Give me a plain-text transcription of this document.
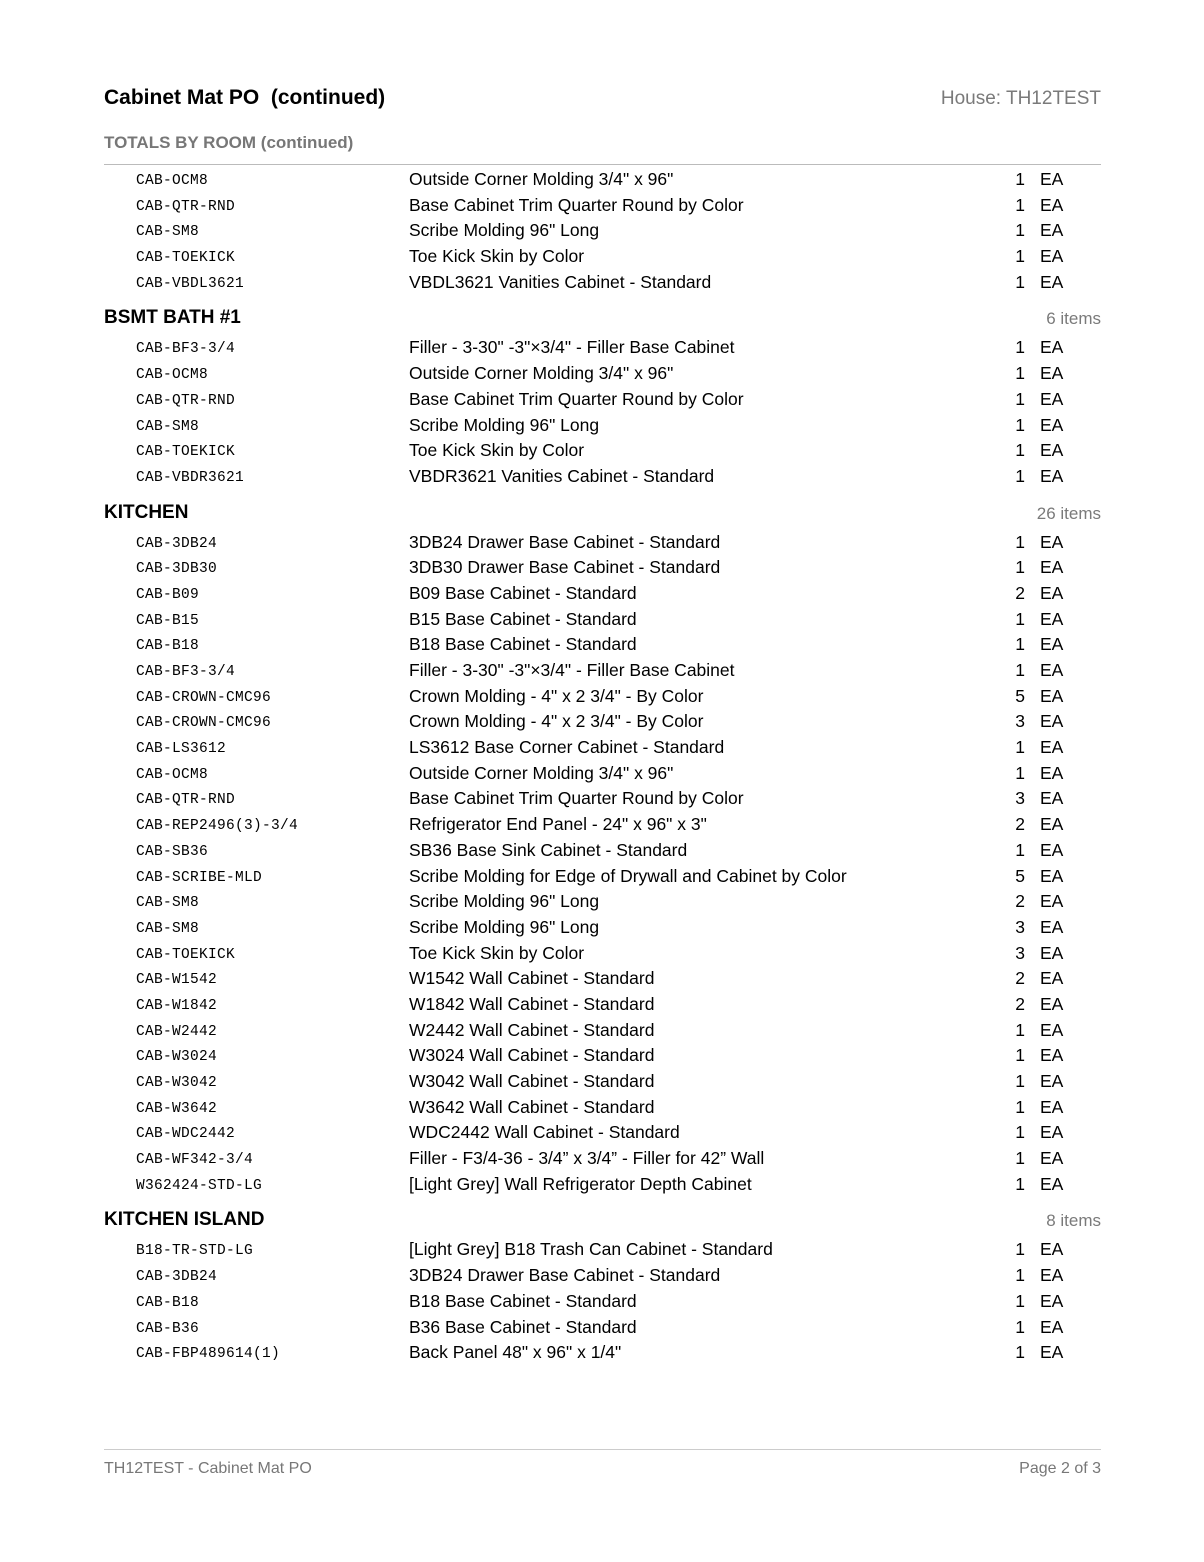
Cabinet Mat PO  (continued)	House: TH12TEST
TOTALS BY ROOM (continued)
CAB-OCM8	Outside Corner Molding 3/4" x 96"	1 EA
CAB-QTR-RND	Base Cabinet Trim Quarter Round by Color	1 EA
CAB-SM8	Scribe Molding 96" Long	1 EA
CAB-TOEKICK	Toe Kick Skin by Color	1 EA
CAB-VBDL3621	VBDL3621 Vanities Cabinet - Standard	1 EA
BSMT BATH #1	6 items
CAB-BF3-3/4	Filler - 3-30" -3"×3/4" - Filler Base Cabinet	1 EA
CAB-OCM8	Outside Corner Molding 3/4" x 96"	1 EA
CAB-QTR-RND	Base Cabinet Trim Quarter Round by Color	1 EA
CAB-SM8	Scribe Molding 96" Long	1 EA
CAB-TOEKICK	Toe Kick Skin by Color	1 EA
CAB-VBDR3621	VBDR3621 Vanities Cabinet - Standard	1 EA
KITCHEN	26 items
CAB-3DB24	3DB24 Drawer Base Cabinet - Standard	1 EA
CAB-3DB30	3DB30 Drawer Base Cabinet - Standard	1 EA
CAB-B09	B09 Base Cabinet - Standard	2 EA
CAB-B15	B15 Base Cabinet - Standard	1 EA
CAB-B18	B18 Base Cabinet - Standard	1 EA
CAB-BF3-3/4	Filler - 3-30" -3"×3/4" - Filler Base Cabinet	1 EA
CAB-CROWN-CMC96	Crown Molding - 4" x 2 3/4" - By Color	5 EA
CAB-CROWN-CMC96	Crown Molding - 4" x 2 3/4" - By Color	3 EA
CAB-LS3612	LS3612 Base Corner Cabinet - Standard	1 EA
CAB-OCM8	Outside Corner Molding 3/4" x 96"	1 EA
CAB-QTR-RND	Base Cabinet Trim Quarter Round by Color	3 EA
CAB-REP2496(3)-3/4	Refrigerator End Panel - 24" x 96" x 3"	2 EA
CAB-SB36	SB36 Base Sink Cabinet - Standard	1 EA
CAB-SCRIBE-MLD	Scribe Molding for Edge of Drywall and Cabinet by Color	5 EA
CAB-SM8	Scribe Molding 96" Long	2 EA
CAB-SM8	Scribe Molding 96" Long	3 EA
CAB-TOEKICK	Toe Kick Skin by Color	3 EA
CAB-W1542	W1542 Wall Cabinet - Standard	2 EA
CAB-W1842	W1842 Wall Cabinet - Standard	2 EA
CAB-W2442	W2442 Wall Cabinet - Standard	1 EA
CAB-W3024	W3024 Wall Cabinet - Standard	1 EA
CAB-W3042	W3042 Wall Cabinet - Standard	1 EA
CAB-W3642	W3642 Wall Cabinet - Standard	1 EA
CAB-WDC2442	WDC2442 Wall Cabinet - Standard	1 EA
CAB-WF342-3/4	Filler - F3/4-36 - 3/4” x 3/4” - Filler for 42” Wall	1 EA
W362424-STD-LG	[Light Grey] Wall Refrigerator Depth Cabinet	1 EA
KITCHEN ISLAND	8 items
B18-TR-STD-LG	[Light Grey] B18 Trash Can Cabinet - Standard	1 EA
CAB-3DB24	3DB24 Drawer Base Cabinet - Standard	1 EA
CAB-B18	B18 Base Cabinet - Standard	1 EA
CAB-B36	B36 Base Cabinet - Standard	1 EA
CAB-FBP489614(1)	Back Panel 48" x 96" x 1/4"	1 EA
TH12TEST - Cabinet Mat PO	Page 2 of 3
